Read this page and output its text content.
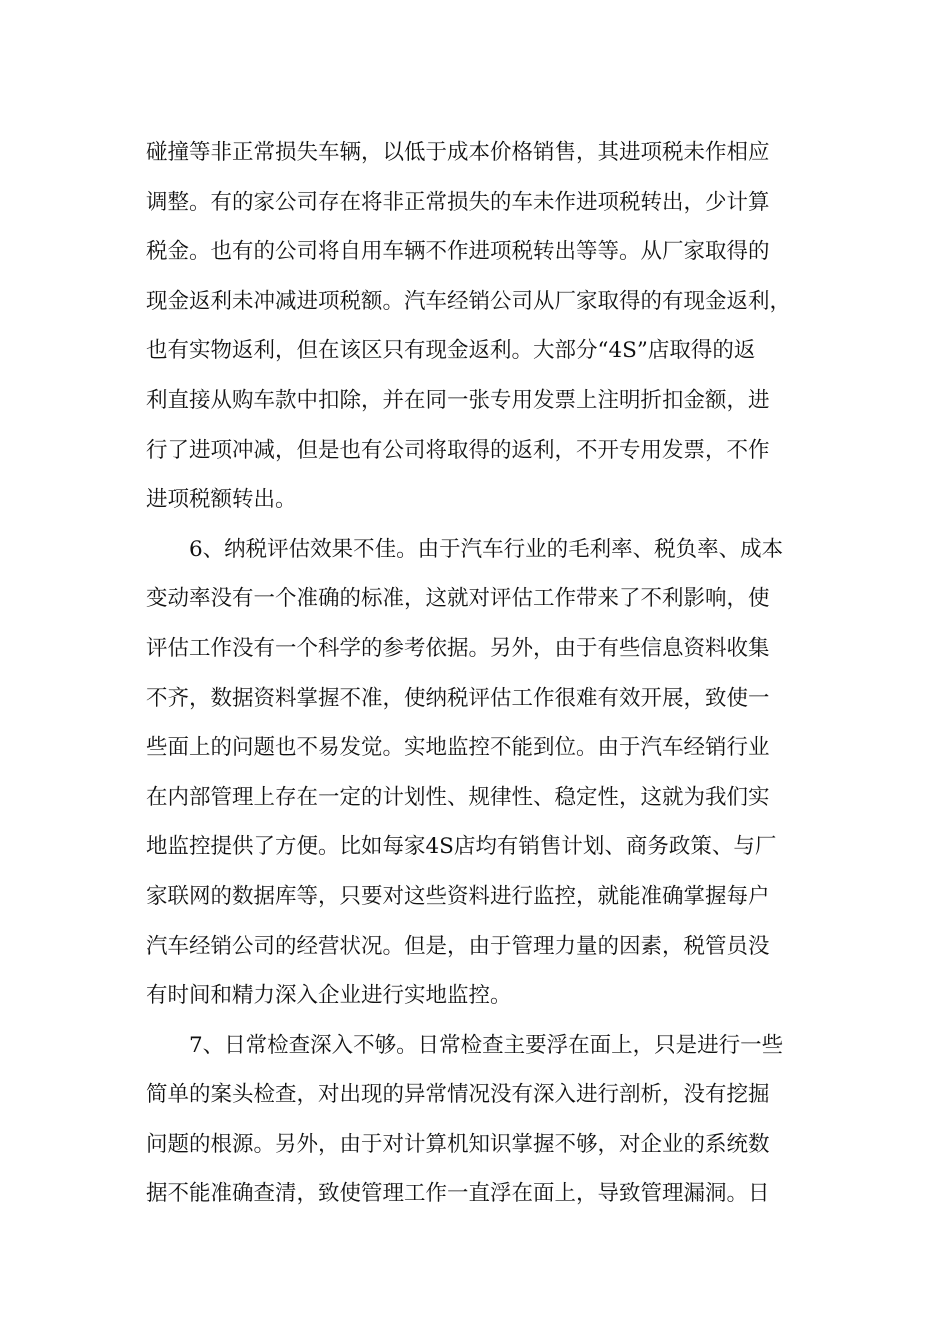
碰撞等非正常损失车辆，以低于成本价格销售，其进项税未作相应
调整。有的家公司存在将非正常损失的车未作进项税转出，少计算
税金。也有的公司将自用车辆不作进项税转出等等。从厂家取得的
现金返利未冲减进项税额。汽车经销公司从厂家取得的有现金返利，
也有实物返利，但在该区只有现金返利。大部分“4S”店取得的返
利直接从购车款中扣除，并在同一张专用发票上注明折扣金额，进
行了进项冲减，但是也有公司将取得的返利，不开专用发票，不作
进项税额转出。
6、纳税评估效果不佳。由于汽车行业的毛利率、税负率、成本
变动率没有一个准确的标准，这就对评估工作带来了不利影响，使
评估工作没有一个科学的参考依据。另外，由于有些信息资料收集
不齐，数据资料掌握不准，使纳税评估工作很难有效开展，致使一
些面上的问题也不易发觉。实地监控不能到位。由于汽车经销行业
在内部管理上存在一定的计划性、规律性、稳定性，这就为我们实
地监控提供了方便。比如每家4S店均有销售计划、商务政策、与厂
家联网的数据库等，只要对这些资料进行监控，就能准确掌握每户
汽车经销公司的经营状况。但是，由于管理力量的因素，税管员没
有时间和精力深入企业进行实地监控。
7、日常检查深入不够。日常检查主要浮在面上，只是进行一些
简单的案头检查，对出现的异常情况没有深入进行剖析，没有挖掘
问题的根源。另外，由于对计算机知识掌握不够，对企业的系统数
据不能准确查清，致使管理工作一直浮在面上，导致管理漏洞。日
